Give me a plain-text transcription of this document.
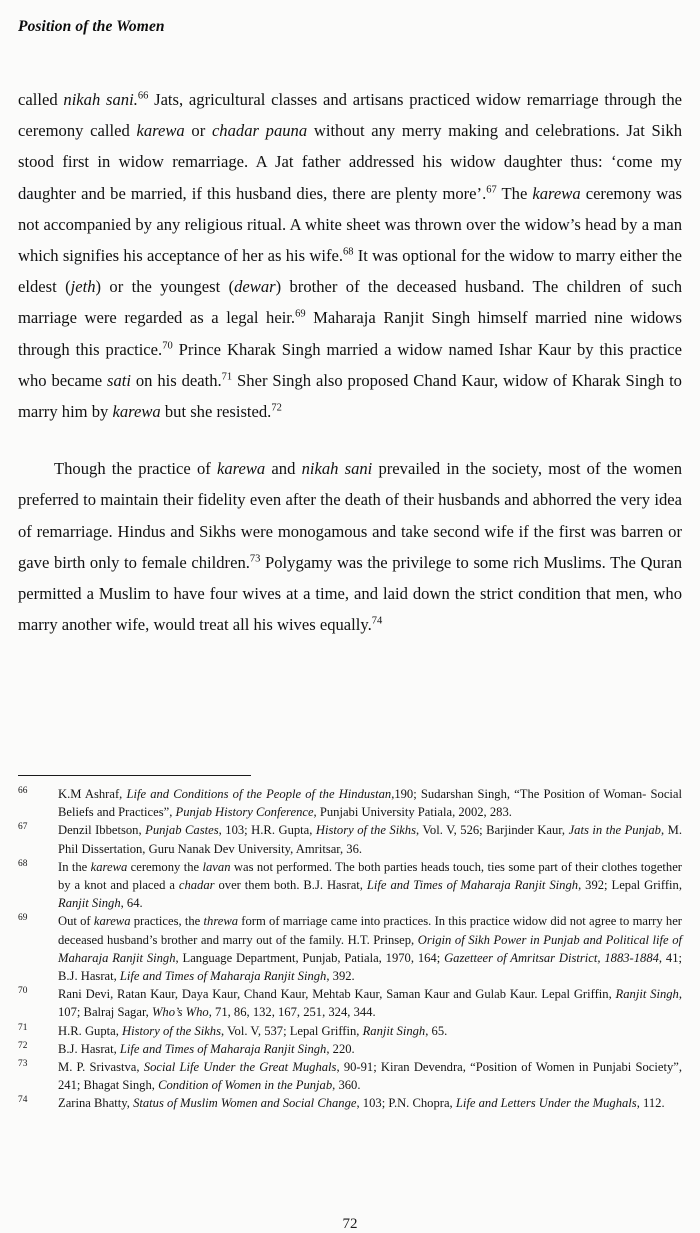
Position of the Women

called nikah sani.$^{66}$ Jats, agricultural classes and artisans practiced widow remarriage through the ceremony called karewa or chadar pauna without any merry making and celebrations. Jat Sikh stood first in widow remarriage. A Jat father addressed his widow daughter thus: ‘come my daughter and be married, if this husband dies, there are plenty more’.$^{67}$ The karewa ceremony was not accompanied by any religious ritual. A white sheet was thrown over the widow’s head by a man which signifies his acceptance of her as his wife.$^{68}$ It was optional for the widow to marry either the eldest (jeth) or the youngest (dewar) brother of the deceased husband. The children of such marriage were regarded as a legal heir.$^{69}$ Maharaja Ranjit Singh himself married nine widows through this practice.$^{70}$ Prince Kharak Singh married a widow named Ishar Kaur by this practice who became sati on his death.$^{71}$ Sher Singh also proposed Chand Kaur, widow of Kharak Singh to marry him by karewa but she resisted.$^{72}$

Though the practice of karewa and nikah sani prevailed in the society, most of the women preferred to maintain their fidelity even after the death of their husbands and abhorred the very idea of remarriage. Hindus and Sikhs were monogamous and take second wife if the first was barren or gave birth only to female children.$^{73}$ Polygamy was the privilege to some rich Muslims. The Quran permitted a Muslim to have four wives at a time, and laid down the strict condition that men, who marry another wife, would treat all his wives equally.$^{74}$

66	K.M Ashraf, Life and Conditions of the People of the Hindustan,190; Sudarshan Singh, “The Position of Woman- Social Beliefs and Practices”, Punjab History Conference, Punjabi University Patiala, 2002, 283.
67	Denzil Ibbetson, Punjab Castes, 103; H.R. Gupta, History of the Sikhs, Vol. V, 526; Barjinder Kaur, Jats in the Punjab, M. Phil Dissertation, Guru Nanak Dev University, Amritsar, 36.
68	In the karewa ceremony the lavan was not performed. The both parties heads touch, ties some part of their clothes together by a knot and placed a chadar over them both. B.J. Hasrat, Life and Times of Maharaja Ranjit Singh, 392; Lepal Griffin, Ranjit Singh, 64.
69	Out of karewa practices, the threwa form of marriage came into practices. In this practice widow did not agree to marry her deceased husband’s brother and marry out of the family. H.T. Prinsep, Origin of Sikh Power in Punjab and Political life of Maharaja Ranjit Singh, Language Department, Punjab, Patiala, 1970, 164; Gazetteer of Amritsar District, 1883-1884, 41; B.J. Hasrat, Life and Times of Maharaja Ranjit Singh, 392.
70	Rani Devi, Ratan Kaur, Daya Kaur, Chand Kaur, Mehtab Kaur, Saman Kaur and Gulab Kaur. Lepal Griffin, Ranjit Singh, 107; Balraj Sagar, Who’s Who, 71, 86, 132, 167, 251, 324, 344.
71	H.R. Gupta, History of the Sikhs, Vol. V, 537; Lepal Griffin, Ranjit Singh, 65.
72	B.J. Hasrat, Life and Times of Maharaja Ranjit Singh, 220.
73	M. P. Srivastva, Social Life Under the Great Mughals, 90-91; Kiran Devendra, “Position of Women in Punjabi Society”, 241; Bhagat Singh, Condition of Women in the Punjab, 360.
74	Zarina Bhatty, Status of Muslim Women and Social Change, 103; P.N. Chopra, Life and Letters Under the Mughals, 112.
72
